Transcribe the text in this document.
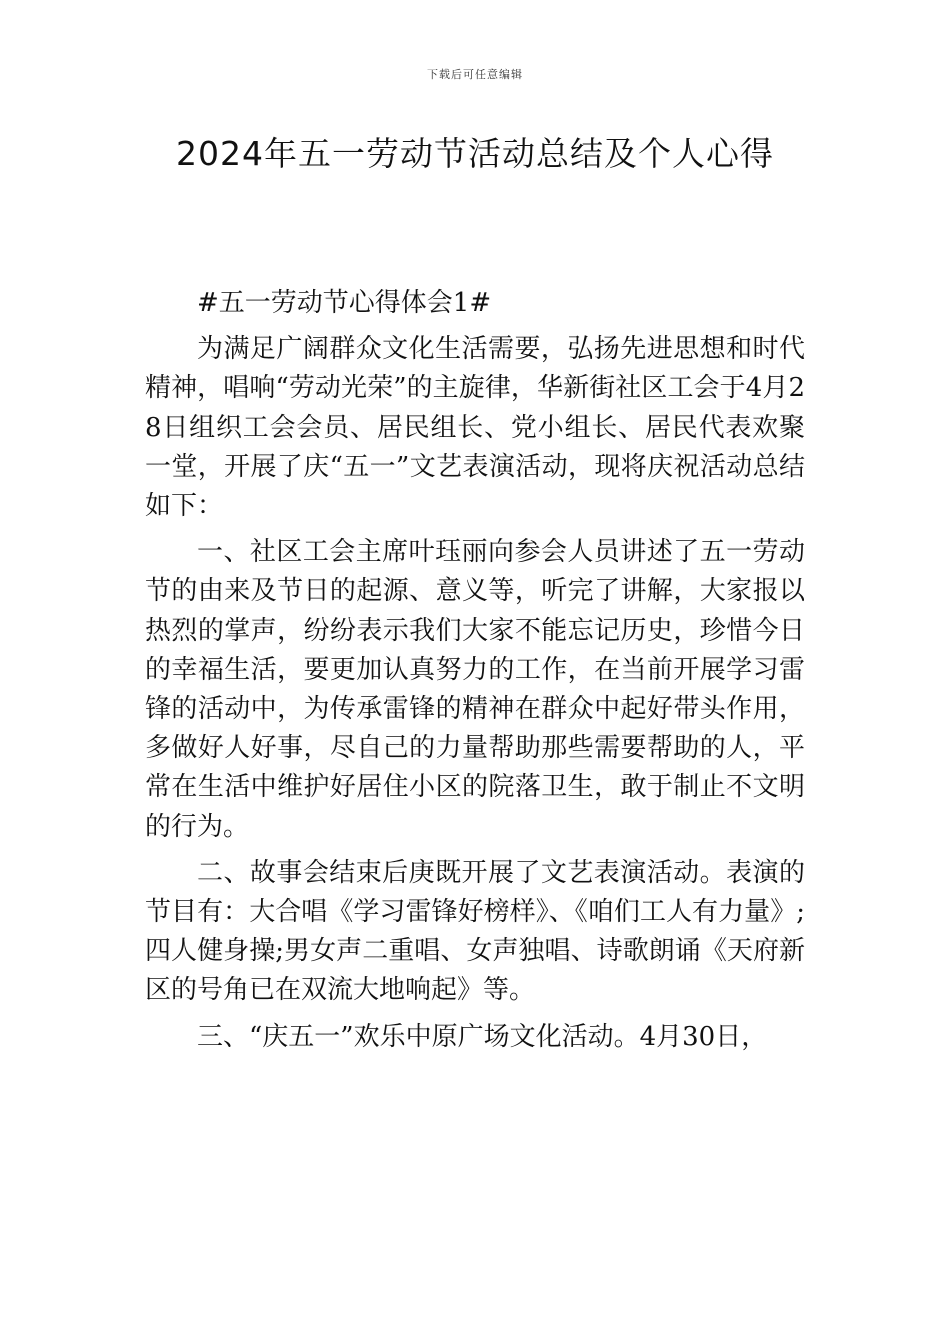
下载后可任意编辑
2024年五一劳动节活动总结及个人心得

#五一劳动节心得体会1#

为满足广阔群众文化生活需要，弘扬先进思想和时代精神，唱响“劳动光荣”的主旋律，华新街社区工会于4月28日组织工会会员、居民组长、党小组长、居民代表欢聚一堂，开展了庆“五一”文艺表演活动，现将庆祝活动总结如下：

一、社区工会主席叶珏丽向参会人员讲述了五一劳动节的由来及节日的起源、意义等，听完了讲解，大家报以热烈的掌声，纷纷表示我们大家不能忘记历史，珍惜今日的幸福生活，要更加认真努力的工作，在当前开展学习雷锋的活动中，为传承雷锋的精神在群众中起好带头作用，多做好人好事，尽自己的力量帮助那些需要帮助的人，平常在生活中维护好居住小区的院落卫生，敢于制止不文明的行为。

二、故事会结束后庚既开展了文艺表演活动。表演的节目有：大合唱《学习雷锋好榜样》、《咱们工人有力量》;四人健身操;男女声二重唱、女声独唱、诗歌朗诵《天府新区的号角已在双流大地响起》等。

三、“庆五一”欢乐中原广场文化活动。4月30日，
